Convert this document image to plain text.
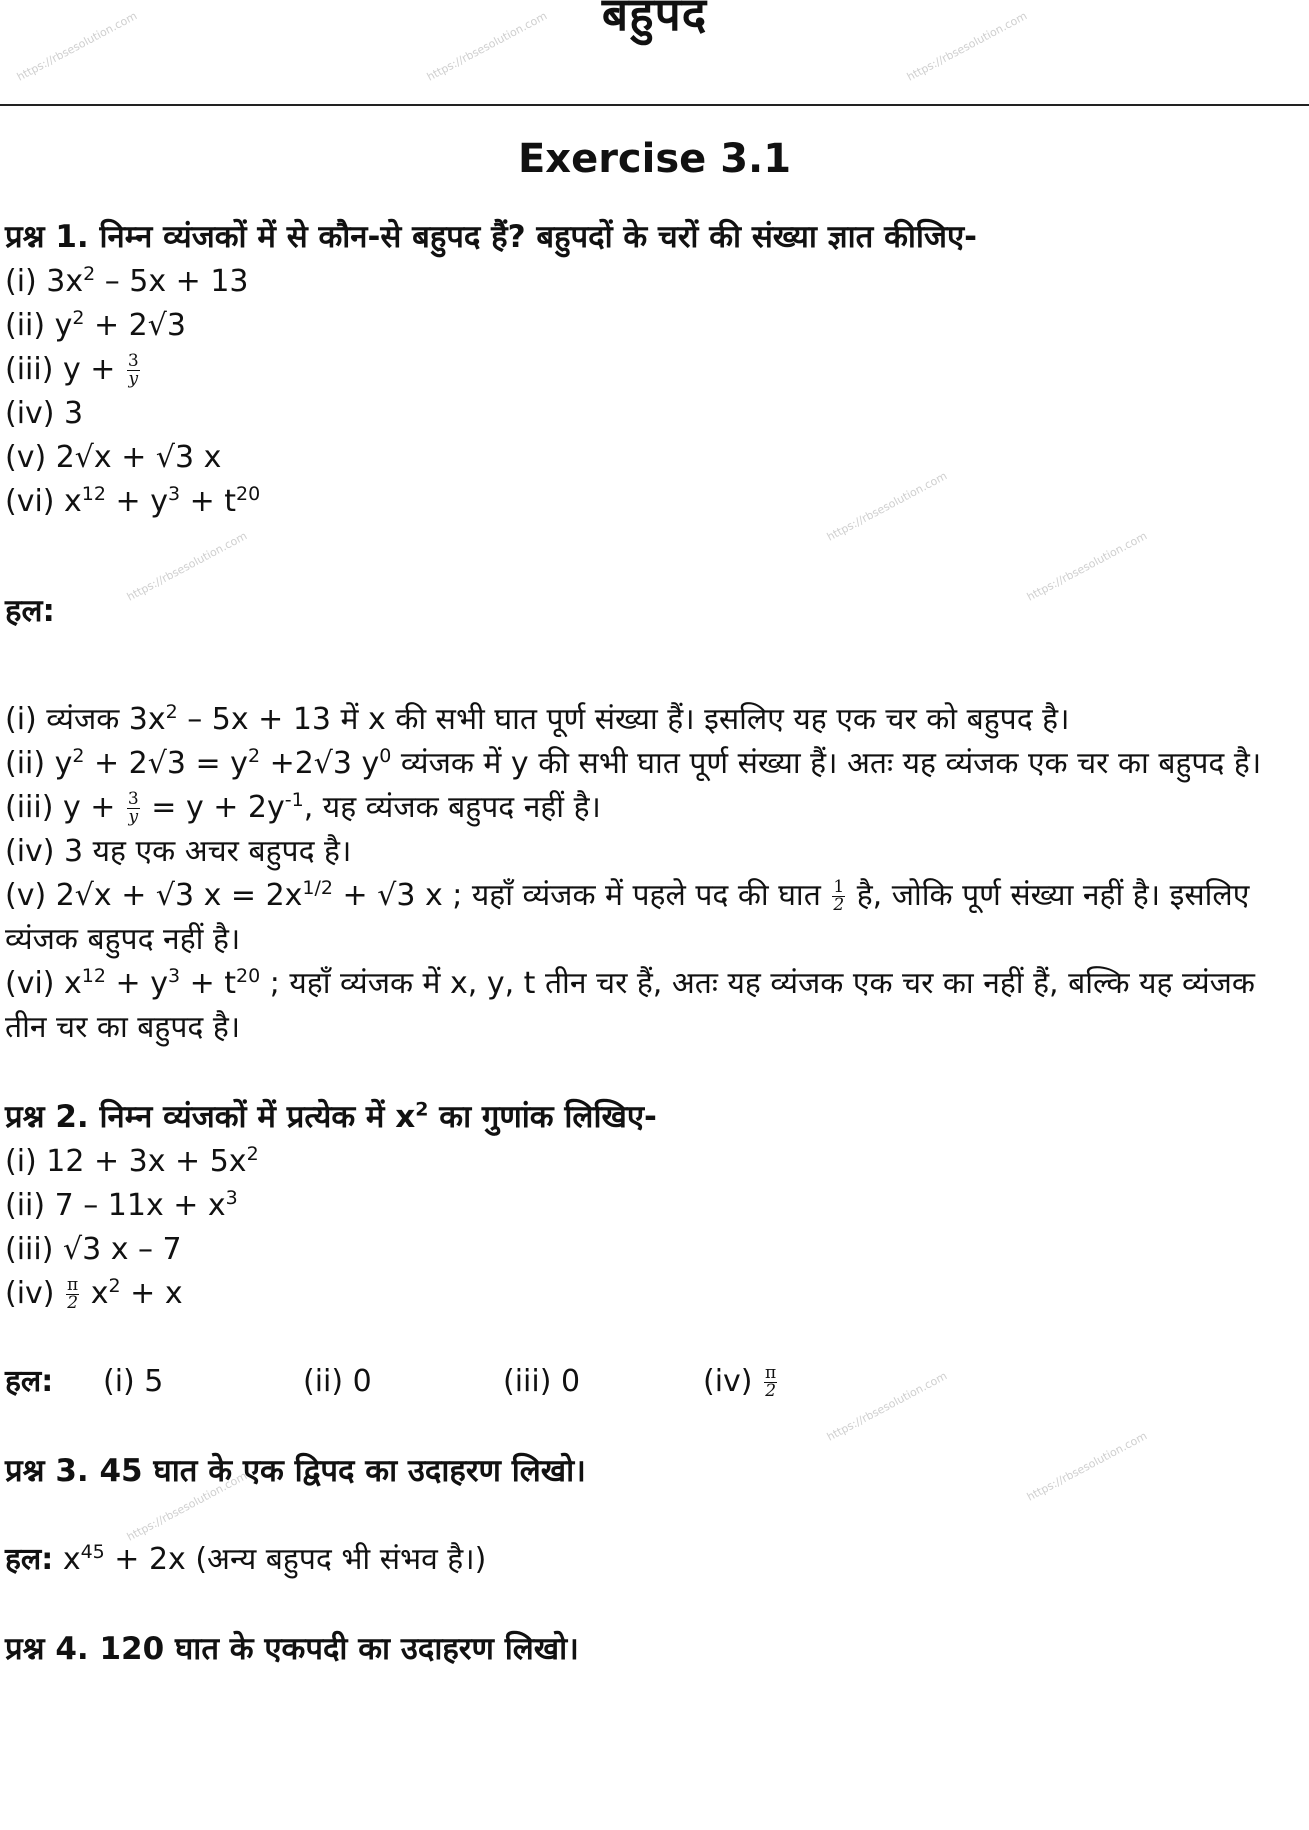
https://rbsesolution.com	https://rbsesolution.com	https://rbsesolution.com
https://rbsesolution.com
https://rbsesolution.com
https://rbsesolution.com
https://rbsesolution.com
https://rbsesolution.com
https://rbsesolution.com
बहुपद
Exercise 3.1
प्रश्न 1. निम्न व्यंजकों में से कौन-से बहुपद हैं? बहुपदों के चरों की संख्या ज्ञात कीजिए-
(i) $3x^2 - 5x + 13$
(ii) $y^2 + 2√3$
(iii) $y + \frac{3}{y}$
(iv) 3
(v) 2√x + √3 x
(vi) $x^{12} + y^3 + t^{20}$
हल:
(i) व्यंजक $3x^2 - 5x + 13$ में x की सभी घात पूर्ण संख्या हैं। इसलिए यह एक चर को बहुपद है।
(ii) $y^2 + 2√3 = y^2 +2√3$ $y^0$ व्यंजक में y की सभी घात पूर्ण संख्या हैं। अतः यह व्यंजक एक चर का बहुपद है।
(iii) $y + \frac{3}{y} = y + 2y^{-1}$, यह व्यंजक बहुपद नहीं है।
(iv) 3 यह एक अचर बहुपद है।
(v) 2√x + √3 $x = 2x^{1/2} + √3$ x ; यहाँ व्यंजक में पहले पद की घात $\frac{1}{2}$ है, जोकि पूर्ण संख्या नहीं है। इसलिए व्यंजक बहुपद नहीं है।
(vi) $x^{12} + y^3 + t^{20}$ ; यहाँ व्यंजक में x, y, t तीन चर हैं, अतः यह व्यंजक एक चर का नहीं हैं, बल्कि यह व्यंजक तीन चर का बहुपद है।
प्रश्न 2. निम्न व्यंजकों में प्रत्येक में $x^2$ का गुणांक लिखिए-
(i) $12 + 3x + 5x^2$
(ii) $7 - 11x + x^3$
(iii) √3 x – 7
$(iv) \frac{\pi}{2} x^2 + x$
हल: (i) 5	(ii) 0	(iii) 0	$(iv) \frac{\pi}{2}$
प्रश्न 3. 45 घात के एक द्विपद का उदाहरण लिखो।
हल: $x^{45} + 2x$ (अन्य बहुपद भी संभव है।)
प्रश्न 4. 120 घात के एकपदी का उदाहरण लिखो।
